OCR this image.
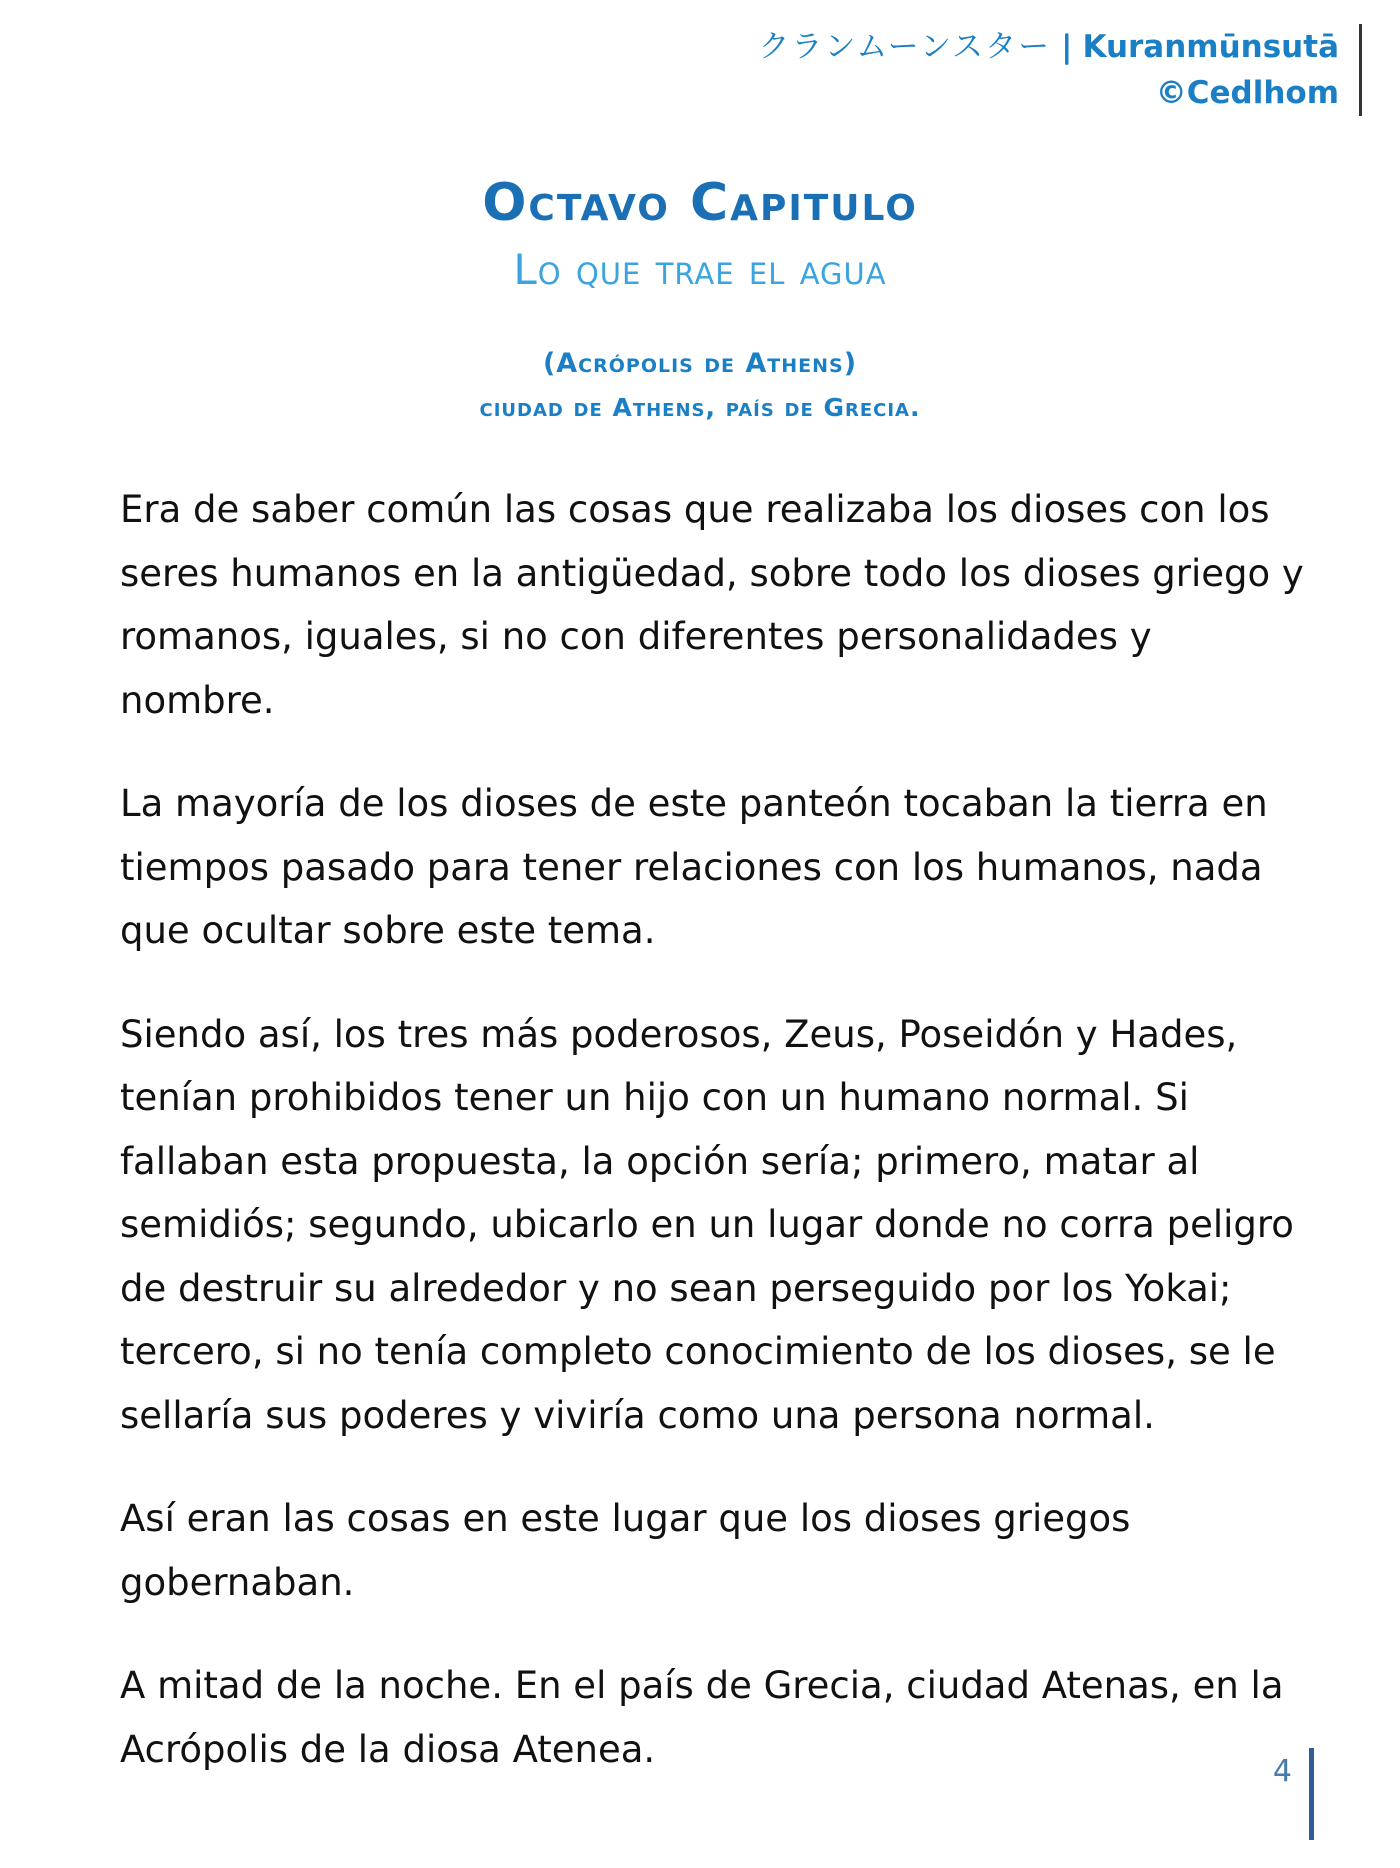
クランムーンスター | Kuranmūnsutā
©Cedlhom
Octavo Capitulo
Lo que trae el agua
(Acrópolis de Athens)
ciudad de Athens, país de Grecia.

Era de saber común las cosas que realizaba los dioses con los seres humanos en la antigüedad, sobre todo los dioses griego y romanos, iguales, si no con diferentes personalidades y nombre.

La mayoría de los dioses de este panteón tocaban la tierra en tiempos pasado para tener relaciones con los humanos, nada que ocultar sobre este tema.

Siendo así, los tres más poderosos, Zeus, Poseidón y Hades, tenían prohibidos tener un hijo con un humano normal. Si fallaban esta propuesta, la opción sería; primero, matar al semidiós; segundo, ubicarlo en un lugar donde no corra peligro de destruir su alrededor y no sean perseguido por los Yokai; tercero, si no tenía completo conocimiento de los dioses, se le sellaría sus poderes y viviría como una persona normal.

Así eran las cosas en este lugar que los dioses griegos gobernaban.

A mitad de la noche. En el país de Grecia, ciudad Atenas, en la Acrópolis de la diosa Atenea.

4
